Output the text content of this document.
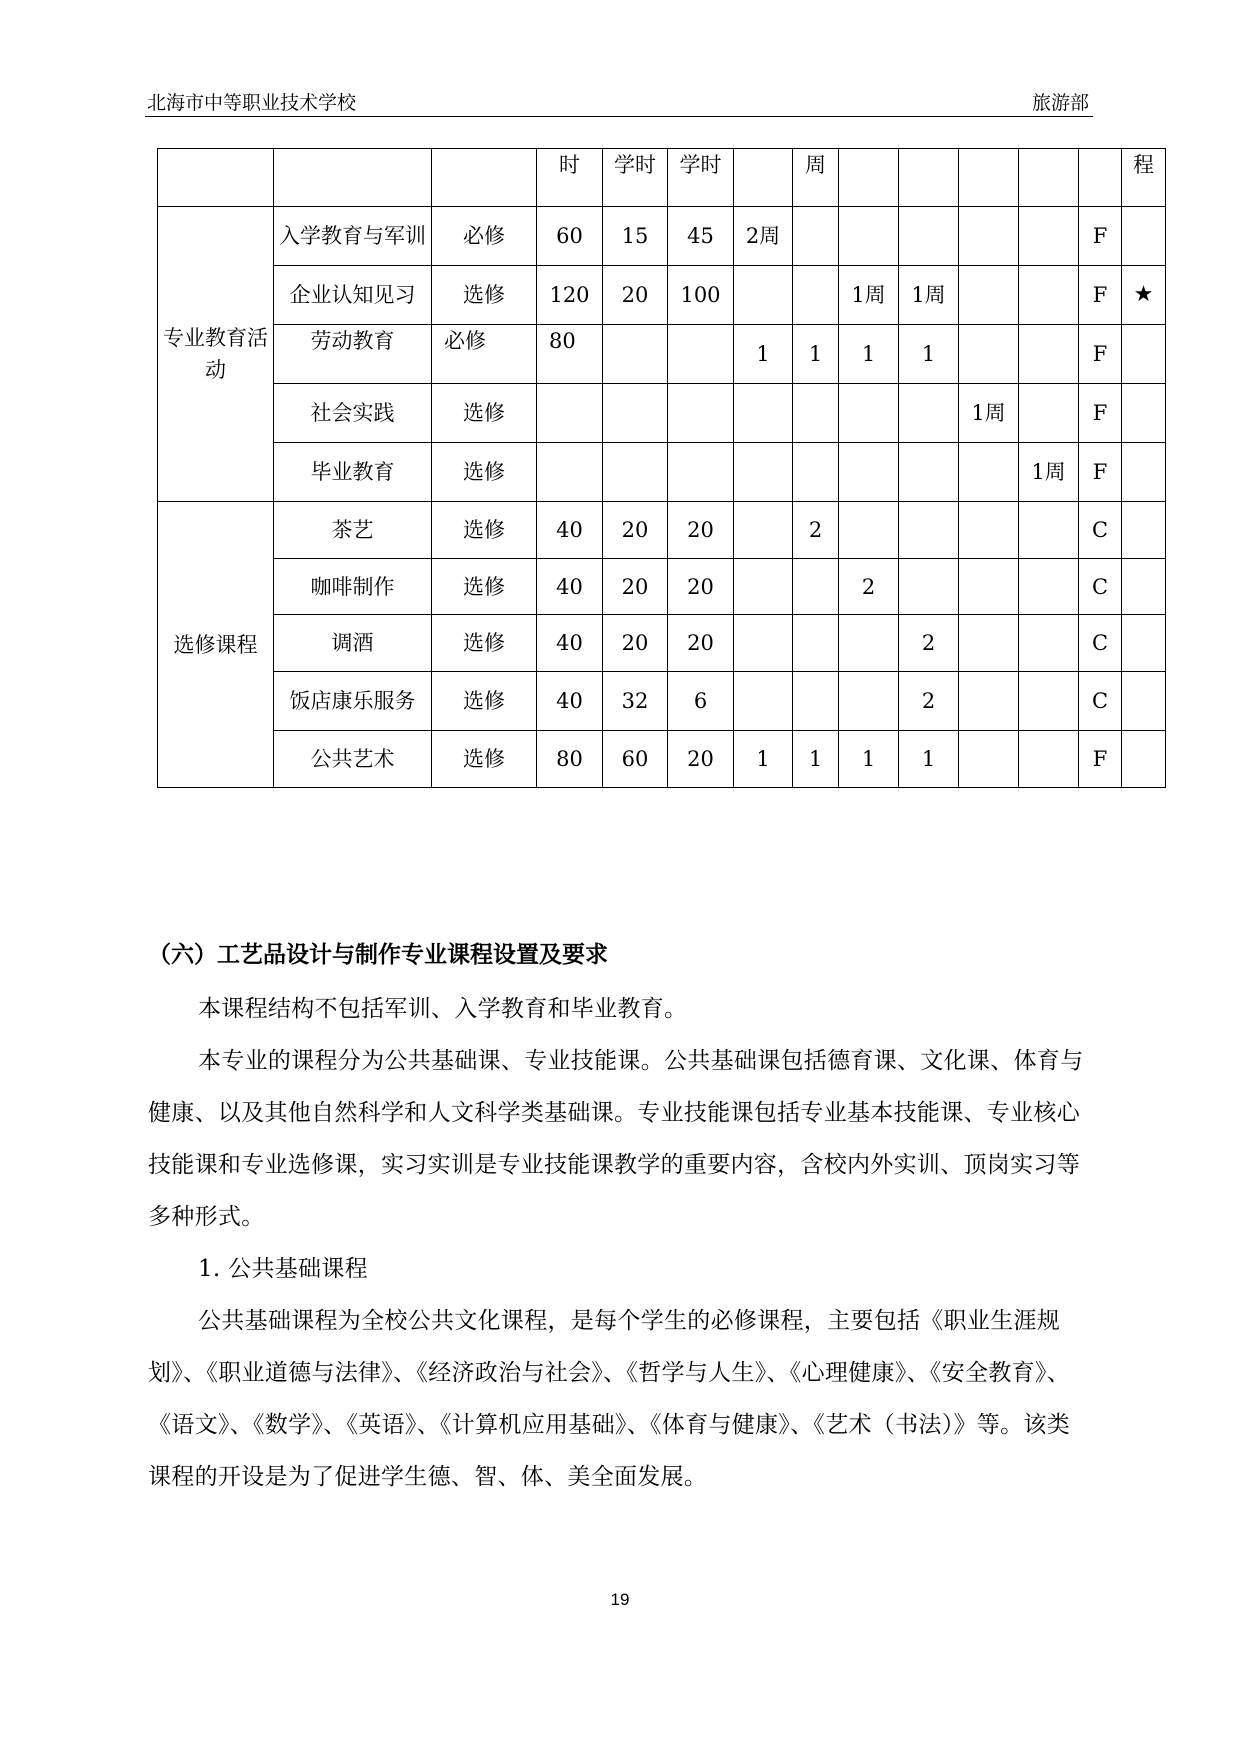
北海市中等职业技术学校	旅游部
			时	学时	学时		周						程
专业教育活动	入学教育与军训	必修	60	15	45	2周						F	
	企业认知见习	选修	120	20	100			1周	1周			F	★
	劳动教育	必修	80			1	1	1	1			F	
	社会实践	选修								1周		F	
	毕业教育	选修									1周	F	
选修课程	茶艺	选修	40	20	20		2					C	
	咖啡制作	选修	40	20	20			2				C	
	调酒	选修	40	20	20				2			C	
	饭店康乐服务	选修	40	32	6				2			C	
	公共艺术	选修	80	60	20	1	1	1	1			F	
（六）工艺品设计与制作专业课程设置及要求

本课程结构不包括军训、入学教育和毕业教育。

本专业的课程分为公共基础课、专业技能课。公共基础课包括德育课、文化课、体育与健康、以及其他自然科学和人文科学类基础课。专业技能课包括专业基本技能课、专业核心技能课和专业选修课，实习实训是专业技能课教学的重要内容，含校内外实训、顶岗实习等多种形式。

1. 公共基础课程

公共基础课程为全校公共文化课程，是每个学生的必修课程，主要包括《职业生涯规划》、《职业道德与法律》、《经济政治与社会》、《哲学与人生》、《心理健康》、《安全教育》、《语文》、《数学》、《英语》、《计算机应用基础》、《体育与健康》、《艺术（书法）》等。该类课程的开设是为了促进学生德、智、体、美全面发展。

19
